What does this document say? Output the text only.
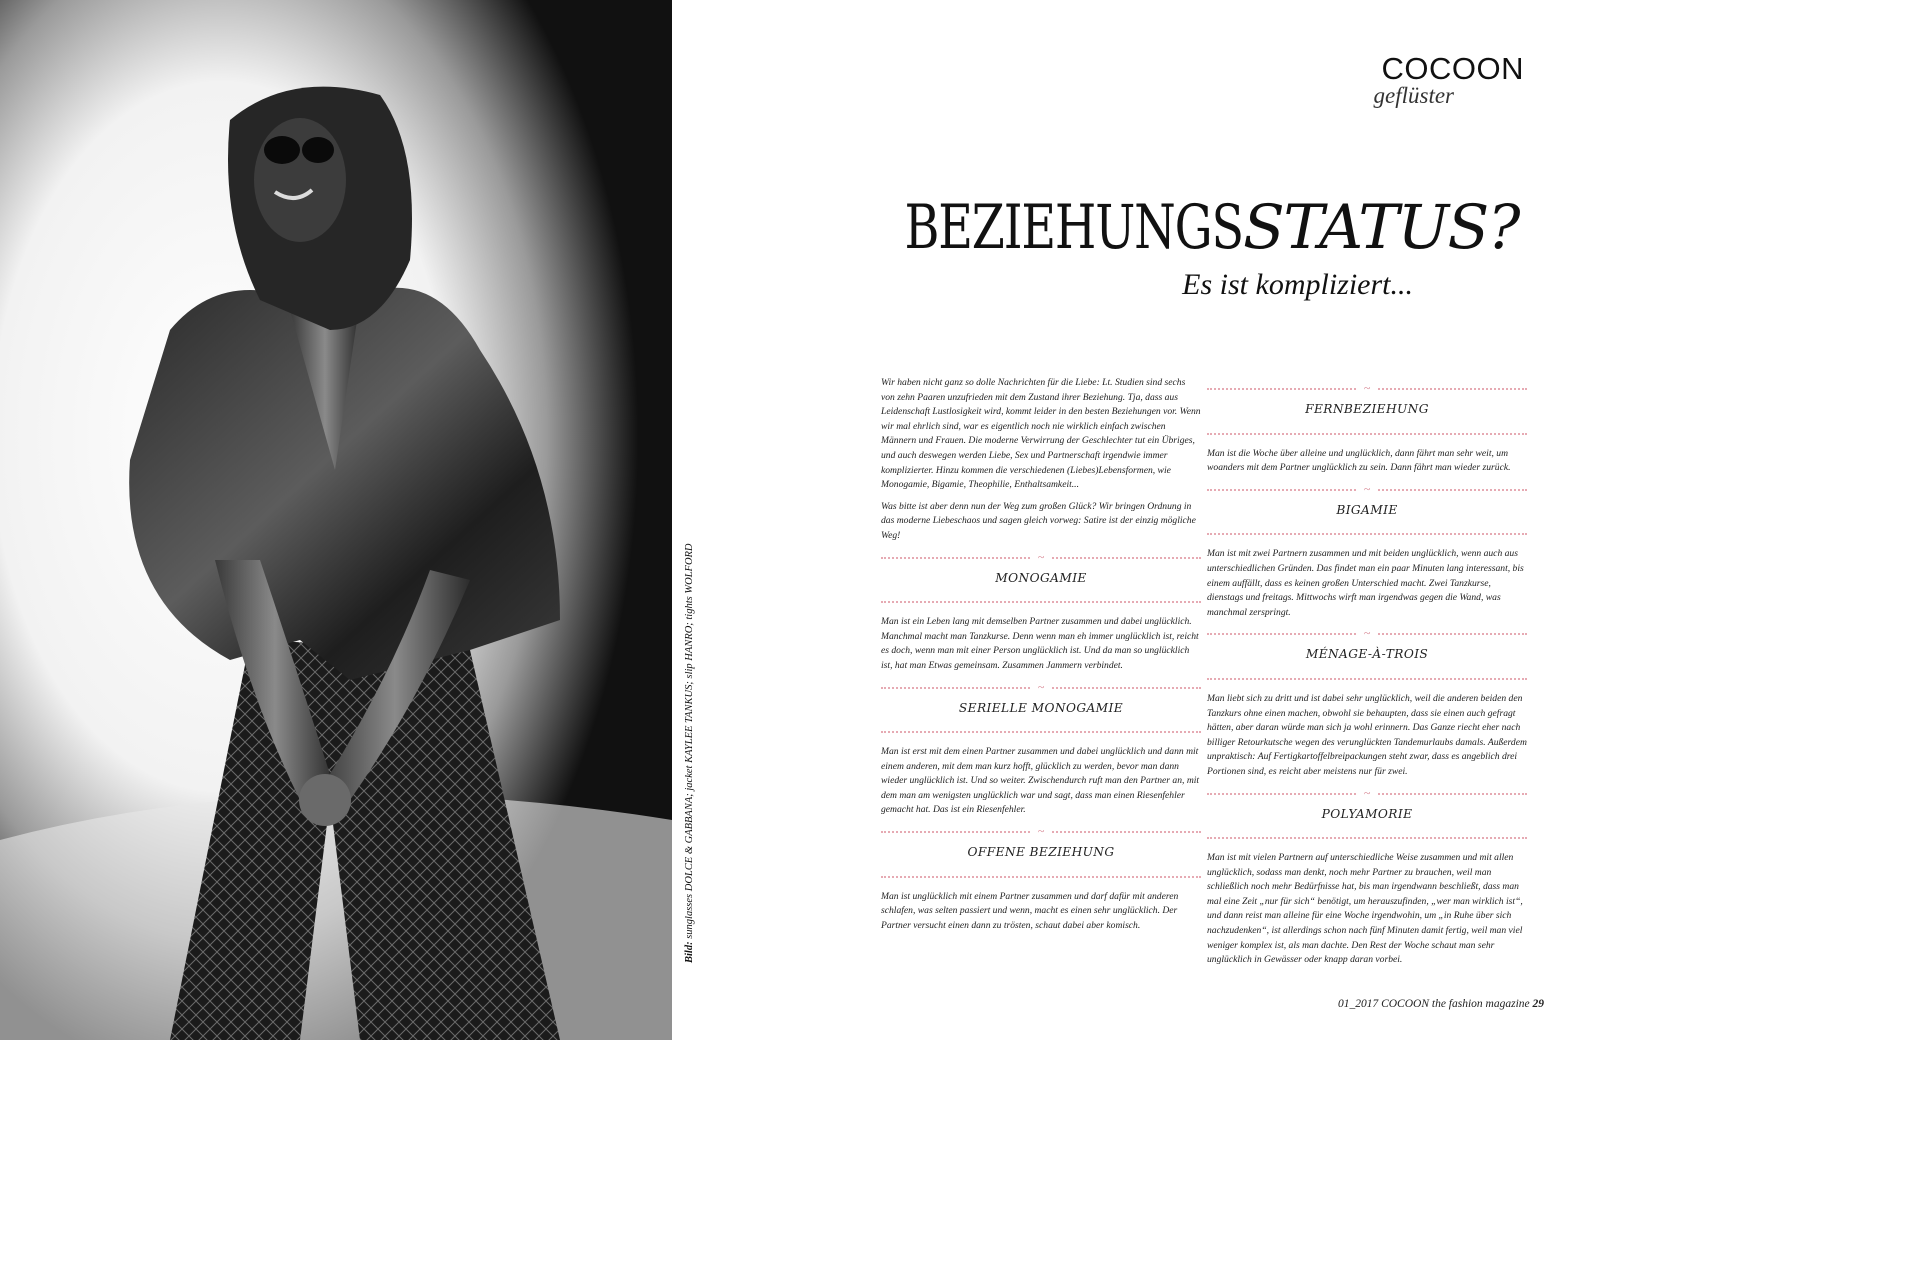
Bild: sunglasses DOLCE & GABBANA; jacket KAYLEE TANKUS; slip HANRO; tights WOLFORD
COCOON
geflüster
BEZIEHUNGSSTATUS?
Es ist kompliziert...

Wir haben nicht ganz so dolle Nachrichten für die Liebe: Lt. Studien sind sechs von zehn Paaren unzufrieden mit dem Zustand ihrer Beziehung. Tja, dass aus Leidenschaft Lustlosigkeit wird, kommt leider in den besten Beziehungen vor. Wenn wir mal ehrlich sind, war es eigentlich noch nie wirklich einfach zwischen Männern und Frauen. Die moderne Verwirrung der Geschlechter tut ein Übriges, und auch deswegen werden Liebe, Sex und Partnerschaft irgendwie immer komplizierter. Hinzu kommen die verschiedenen (Liebes)Lebensformen, wie Monogamie, Bigamie, Theophilie, Enthaltsamkeit...

Was bitte ist aber denn nun der Weg zum großen Glück? Wir bringen Ordnung in das moderne Liebeschaos und sagen gleich vorweg: Satire ist der einzig mögliche Weg!

~
MONOGAMIE

Man ist ein Leben lang mit demselben Partner zusammen und dabei unglücklich. Manchmal macht man Tanzkurse. Denn wenn man eh immer unglücklich ist, reicht es doch, wenn man mit einer Person unglücklich ist. Und da man so unglücklich ist, hat man Etwas gemeinsam. Zusammen Jammern verbindet.

~
SERIELLE MONOGAMIE

Man ist erst mit dem einen Partner zusammen und dabei unglücklich und dann mit einem anderen, mit dem man kurz hofft, glücklich zu werden, bevor man dann wieder unglücklich ist. Und so weiter. Zwischendurch ruft man den Partner an, mit dem man am wenigsten unglücklich war und sagt, dass man einen Riesenfehler gemacht hat. Das ist ein Riesenfehler.

~
OFFENE BEZIEHUNG

Man ist unglücklich mit einem Partner zusammen und darf dafür mit anderen schlafen, was selten passiert und wenn, macht es einen sehr unglücklich. Der Partner versucht einen dann zu trösten, schaut dabei aber komisch.

~
FERNBEZIEHUNG

Man ist die Woche über alleine und unglücklich, dann fährt man sehr weit, um woanders mit dem Partner unglücklich zu sein. Dann fährt man wieder zurück.

~
BIGAMIE

Man ist mit zwei Partnern zusammen und mit beiden unglücklich, wenn auch aus unterschiedlichen Gründen. Das findet man ein paar Minuten lang interessant, bis einem auffällt, dass es keinen großen Unterschied macht. Zwei Tanzkurse, dienstags und freitags. Mittwochs wirft man irgendwas gegen die Wand, was manchmal zerspringt.

~
MÉNAGE-À-TROIS

Man liebt sich zu dritt und ist dabei sehr unglücklich, weil die anderen beiden den Tanzkurs ohne einen machen, obwohl sie behaupten, dass sie einen auch gefragt hätten, aber daran würde man sich ja wohl erinnern. Das Ganze riecht eher nach billiger Retourkutsche wegen des verunglückten Tandemurlaubs damals. Außerdem unpraktisch: Auf Fertigkartoffelbreipackungen steht zwar, dass es angeblich drei Portionen sind, es reicht aber meistens nur für zwei.

~
POLYAMORIE

Man ist mit vielen Partnern auf unterschiedliche Weise zusammen und mit allen unglücklich, sodass man denkt, noch mehr Partner zu brauchen, weil man schließlich noch mehr Bedürfnisse hat, bis man irgendwann beschließt, dass man mal eine Zeit „nur für sich“ benötigt, um herauszufinden, „wer man wirklich ist“, und dann reist man alleine für eine Woche irgendwohin, um „in Ruhe über sich nachzudenken“, ist allerdings schon nach fünf Minuten damit fertig, weil man viel weniger komplex ist, als man dachte. Den Rest der Woche schaut man sehr unglücklich in Gewässer oder knapp daran vorbei.

01_2017 COCOON the fashion magazine 29
